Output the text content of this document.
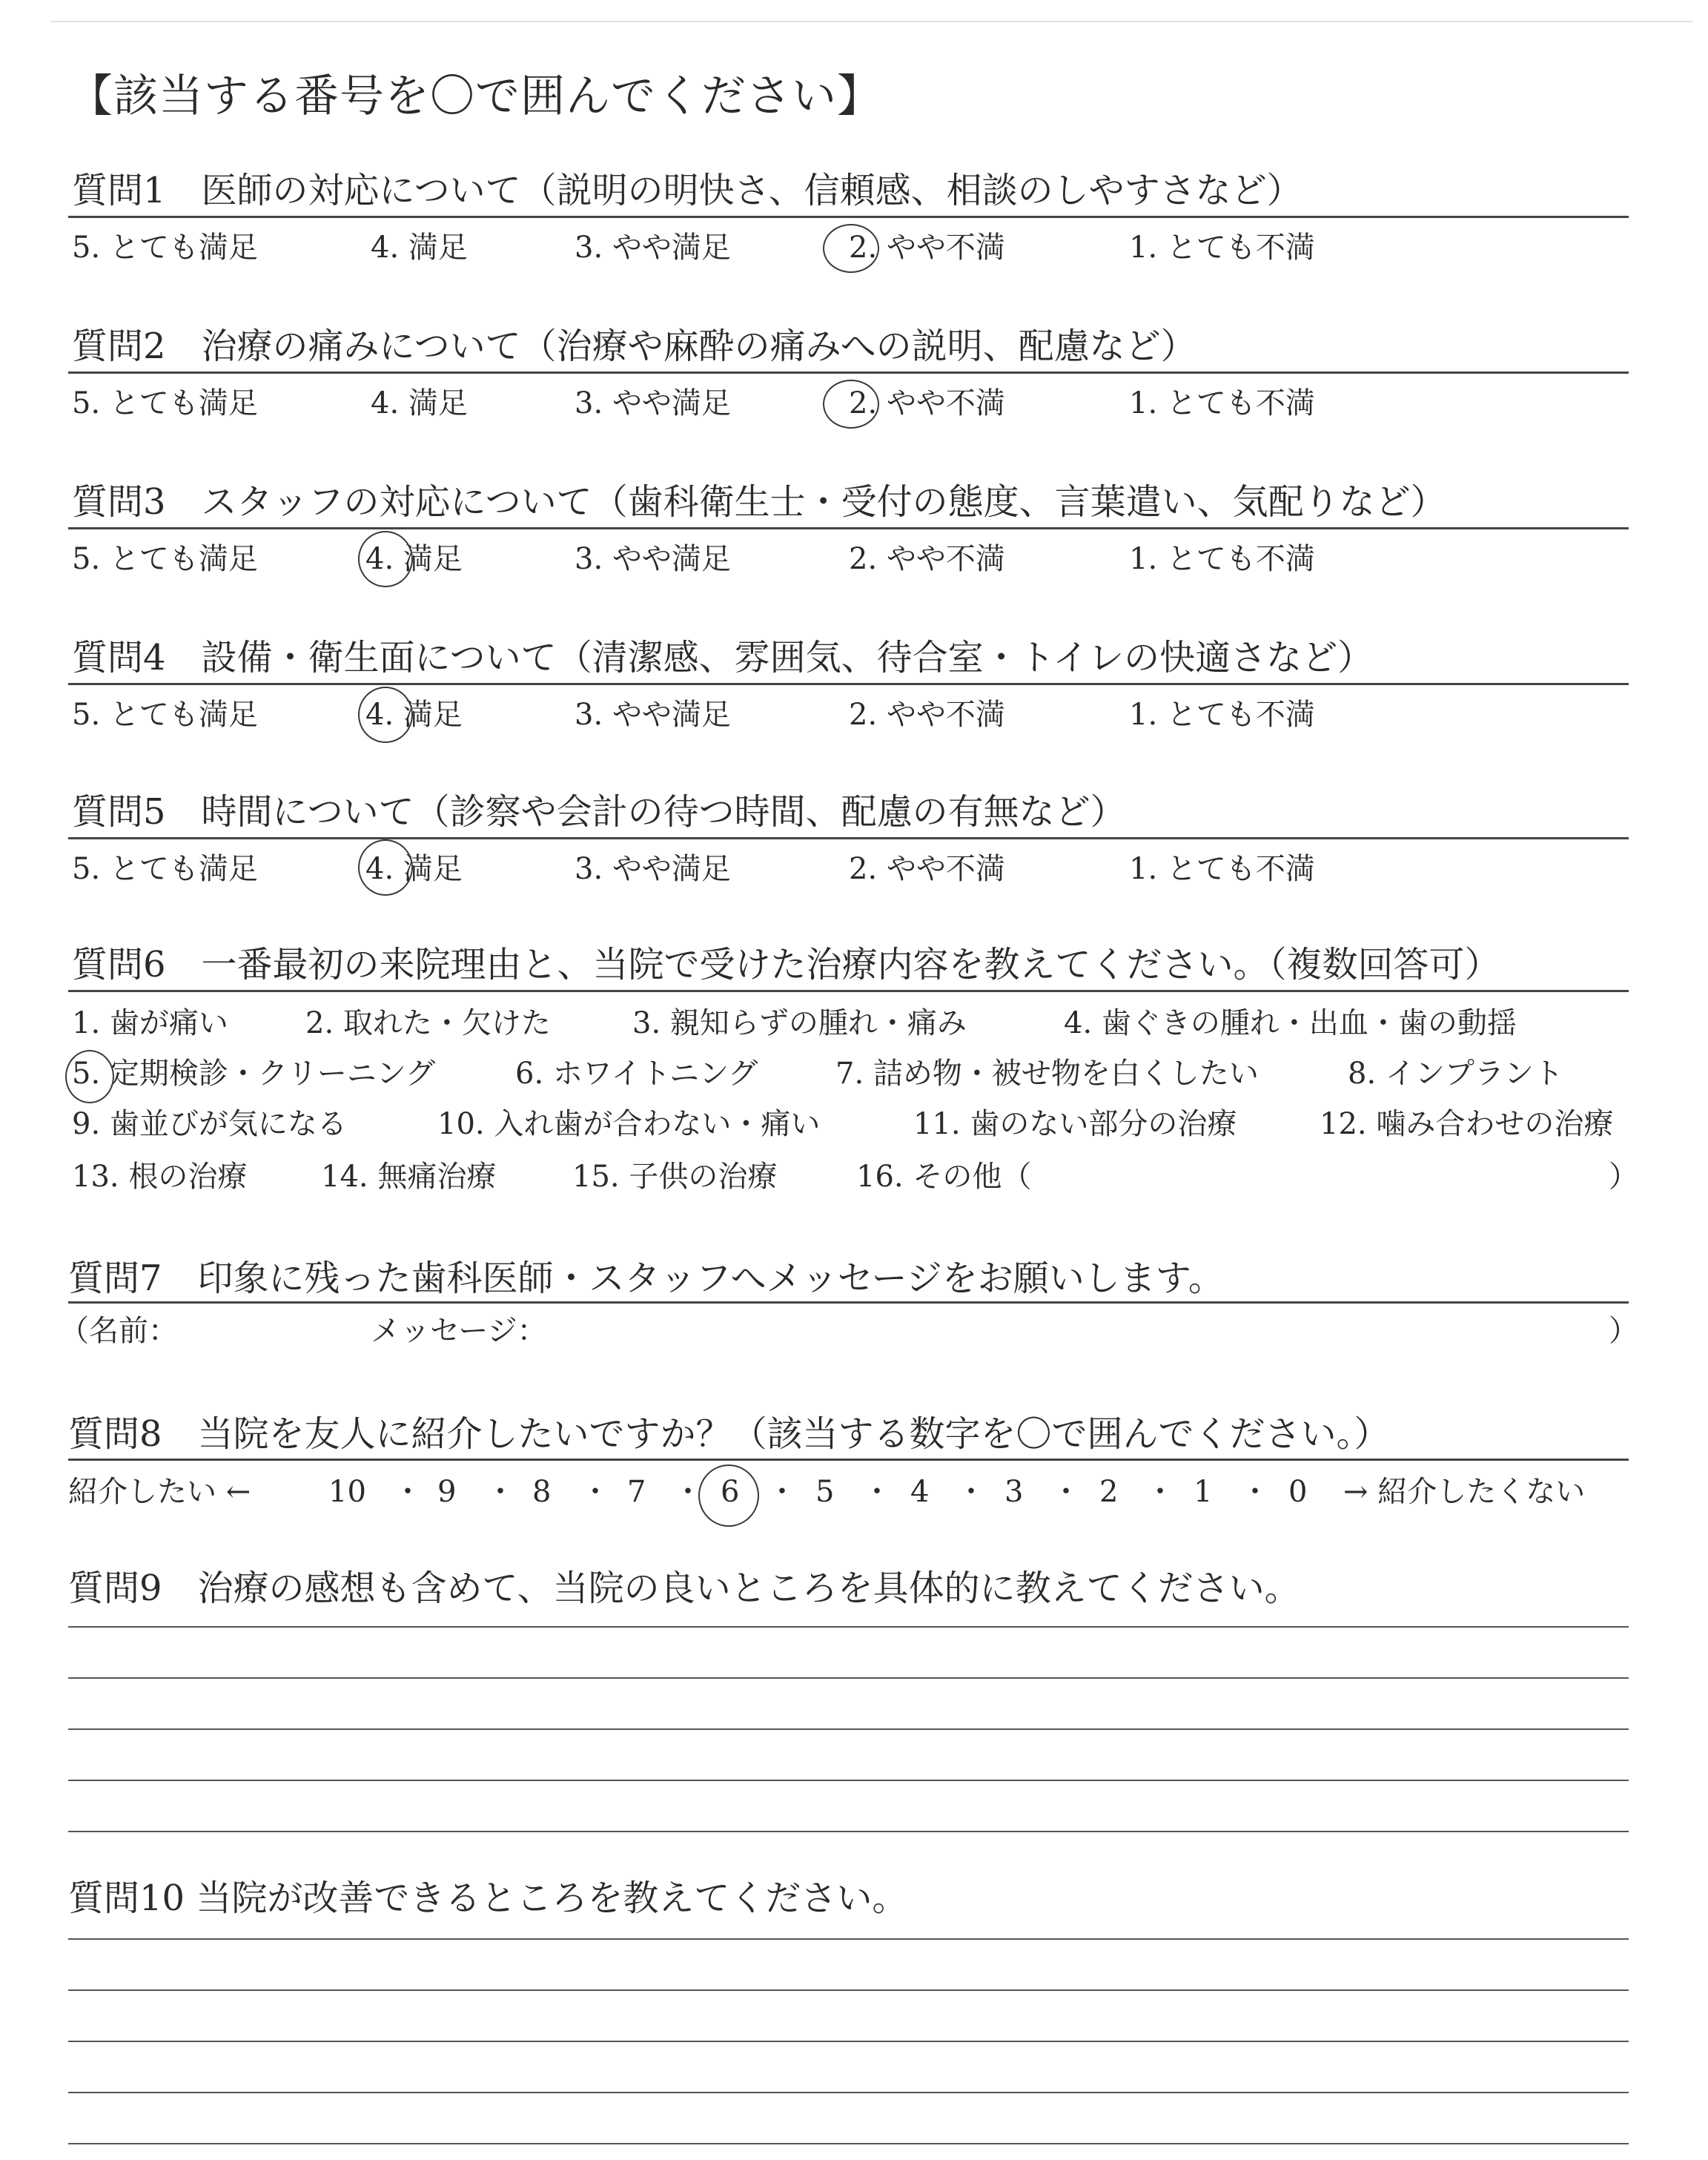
【該当する番号を〇で囲んでください】
質問1　医師の対応について（説明の明快さ、信頼感、相談のしやすさなど）
5. とても満足	4. 満足	3. やや満足	2. やや不満	1. とても不満
質問2　治療の痛みについて（治療や麻酔の痛みへの説明、配慮など）
5. とても満足	4. 満足	3. やや満足	2. やや不満	1. とても不満
質問3　スタッフの対応について（歯科衛生士・受付の態度、言葉遣い、気配りなど）
5. とても満足	4. 満足	3. やや満足	2. やや不満	1. とても不満
質問4　設備・衛生面について（清潔感、雰囲気、待合室・トイレの快適さなど）
5. とても満足	4. 満足	3. やや満足	2. やや不満	1. とても不満
質問5　時間について（診察や会計の待つ時間、配慮の有無など）
5. とても満足	4. 満足	3. やや満足	2. やや不満	1. とても不満
質問6　一番最初の来院理由と、当院で受けた治療内容を教えてください。（複数回答可）
1. 歯が痛い	2. 取れた・欠けた	3. 親知らずの腫れ・痛み	4. 歯ぐきの腫れ・出血・歯の動揺
5. 定期検診・クリーニング	6. ホワイトニング	7. 詰め物・被せ物を白くしたい	8. インプラント
9. 歯並びが気になる	10. 入れ歯が合わない・痛い	11. 歯のない部分の治療	12. 噛み合わせの治療
13. 根の治療 14. 無痛治療	15. 子供の治療	16. その他（	）
質問7　印象に残った歯科医師・スタッフへメッセージをお願いします。
（名前：	メッセージ：	）
質問8　当院を友人に紹介したいですか？（該当する数字を〇で囲んでください。）
紹介したい ←	10 ・ 9 ・ 8 ・ 7 ・ 6 ・ 5 ・ 4 ・ 3 ・ 2 ・ 1 ・ 0 → 紹介したくない
質問9　治療の感想も含めて、当院の良いところを具体的に教えてください。
質問10 当院が改善できるところを教えてください。
